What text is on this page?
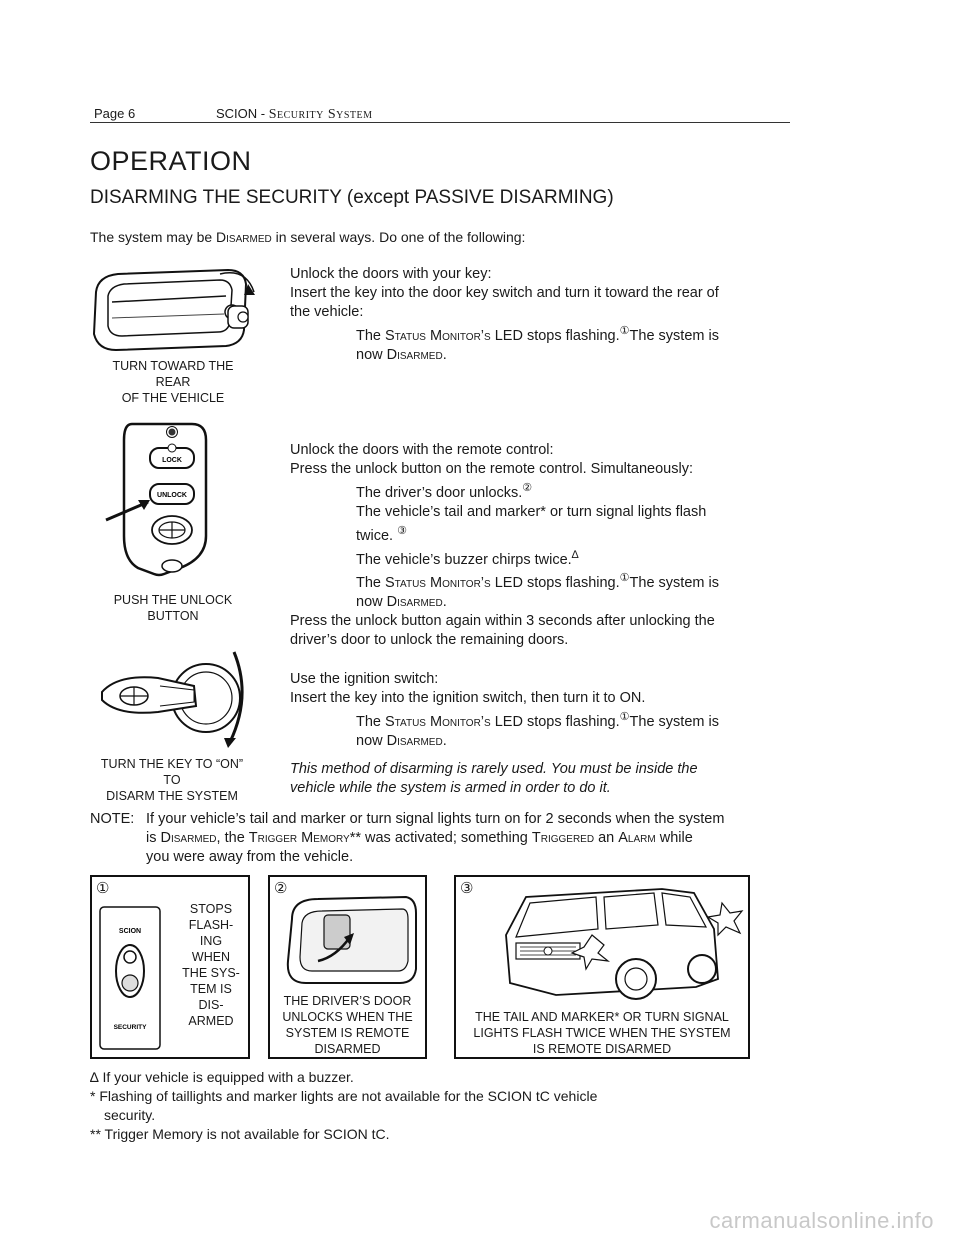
Page 6	SCION - Security System
OPERATION
DISARMING THE SECURITY (except PASSIVE DISARMING)
The system may be Disarmed in several ways. Do one of the following:
TURN TOWARD THE
REAR
OF THE VEHICLE
Unlock the doors with your key:
Insert the key into the door key switch and turn it toward the rear of
the vehicle:
The Status Monitor’s LED stops flashing.①The system is
now Disarmed.
LOCK
UNLOCK
PUSH THE UNLOCK
BUTTON
Unlock the doors with the remote control:
Press the unlock button on the remote control. Simultaneously:
The driver’s door unlocks.②
The vehicle’s tail and marker* or turn signal lights flash
twice. ③
The vehicle’s buzzer chirps twice.∆
The Status Monitor’s LED stops flashing.①The system is
now Disarmed.
Press the unlock button again within 3 seconds after unlocking the
driver’s door to unlock the remaining doors.
TURN THE KEY TO “ON”
TO
DISARM THE SYSTEM
Use the ignition switch:
Insert the key into the ignition switch, then turn it to ON.
The Status Monitor’s LED stops flashing.①The system is
now Disarmed.
This method of disarming is rarely used. You must be inside the
vehicle while the system is armed in order to do it.
NOTE: If your vehicle’s tail and marker or turn signal lights turn on for 2 seconds when the system
is Disarmed, the Trigger Memory** was activated; something Triggered an Alarm while
you were away from the vehicle.
①
SCION
SECURITY
STOPS
FLASH-
ING
WHEN
THE SYS-
TEM IS
DIS-
ARMED
②
THE DRIVER’S DOOR
UNLOCKS WHEN THE
SYSTEM IS REMOTE
DISARMED
③
THE TAIL AND MARKER* OR TURN SIGNAL
LIGHTS FLASH TWICE WHEN THE SYSTEM
IS REMOTE DISARMED
∆ If your vehicle is equipped with a buzzer.
* Flashing of taillights and marker lights are not available for the SCION tC vehicle
security.
** Trigger Memory is not available for SCION tC.
carmanualsonline.info
